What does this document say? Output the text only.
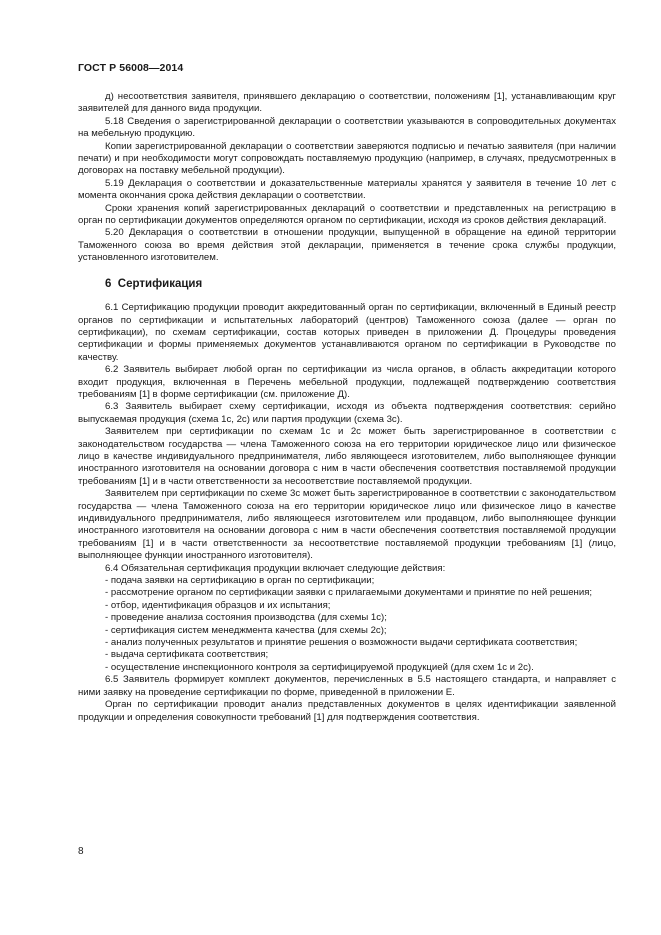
ГОСТ Р 56008—2014

д) несоответствия заявителя, принявшего декларацию о соответствии, положениям [1], устанавливающим круг заявителей для данного вида продукции.

5.18 Сведения о зарегистрированной декларации о соответствии указываются в сопроводительных документах на мебельную продукцию.

Копии зарегистрированной декларации о соответствии заверяются подписью и печатью заявителя (при наличии печати) и при необходимости могут сопровождать поставляемую продукцию (например, в случаях, предусмотренных в договорах на поставку мебельной продукции).

5.19 Декларация о соответствии и доказательственные материалы хранятся у заявителя в течение 10 лет с момента окончания срока действия декларации о соответствии.

Сроки хранения копий зарегистрированных деклараций о соответствии и представленных на регистрацию в орган по сертификации документов определяются органом по сертификации, исходя из сроков действия деклараций.

5.20 Декларация о соответствии в отношении продукции, выпущенной в обращение на единой территории Таможенного союза во время действия этой декларации, применяется в течение срока службы продукции, установленного изготовителем.

6 Сертификация

6.1 Сертификацию продукции проводит аккредитованный орган по сертификации, включенный в Единый реестр органов по сертификации и испытательных лабораторий (центров) Таможенного союза (далее — орган по сертификации), по схемам сертификации, состав которых приведен в приложении Д. Процедуры проведения сертификации и формы применяемых документов устанавливаются органом по сертификации в Руководстве по качеству.

6.2 Заявитель выбирает любой орган по сертификации из числа органов, в область аккредитации которого входит продукция, включенная в Перечень мебельной продукции, подлежащей подтверждению соответствия требованиям [1] в форме сертификации (см. приложение Д).

6.3 Заявитель выбирает схему сертификации, исходя из объекта подтверждения соответствия: серийно выпускаемая продукция (схема 1с, 2с) или партия продукции (схема 3с).

Заявителем при сертификации по схемам 1с и 2с может быть зарегистрированное в соответствии с законодательством государства — члена Таможенного союза на его территории юридическое лицо или физическое лицо в качестве индивидуального предпринимателя, либо являющееся изготовителем, либо выполняющее функции иностранного изготовителя на основании договора с ним в части обеспечения соответствия поставляемой продукции требованиям [1] и в части ответственности за несоответствие поставляемой продукции.

Заявителем при сертификации по схеме 3с может быть зарегистрированное в соответствии с законодательством государства — члена Таможенного союза на его территории юридическое лицо или физическое лицо в качестве индивидуального предпринимателя, либо являющееся изготовителем или продавцом, либо выполняющее функции иностранного изготовителя на основании договора с ним в части обеспечения соответствия поставляемой продукции требованиям [1] и в части ответственности за несоответствие поставляемой продукции требованиям [1] (лицо, выполняющее функции иностранного изготовителя).

6.4 Обязательная сертификация продукции включает следующие действия:

- подача заявки на сертификацию в орган по сертификации;

- рассмотрение органом по сертификации заявки с прилагаемыми документами и принятие по ней решения;

- отбор, идентификация образцов и их испытания;

- проведение анализа состояния производства (для схемы 1с);

- сертификация систем менеджмента качества (для схемы 2с);

- анализ полученных результатов и принятие решения о возможности выдачи сертификата соответствия;

- выдача сертификата соответствия;

- осуществление инспекционного контроля за сертифицируемой продукцией (для схем 1с и 2с).

6.5 Заявитель формирует комплект документов, перечисленных в 5.5 настоящего стандарта, и направляет с ними заявку на проведение сертификации по форме, приведенной в приложении Е.

Орган по сертификации проводит анализ представленных документов в целях идентификации заявленной продукции и определения совокупности требований [1] для подтверждения соответствия.

8
